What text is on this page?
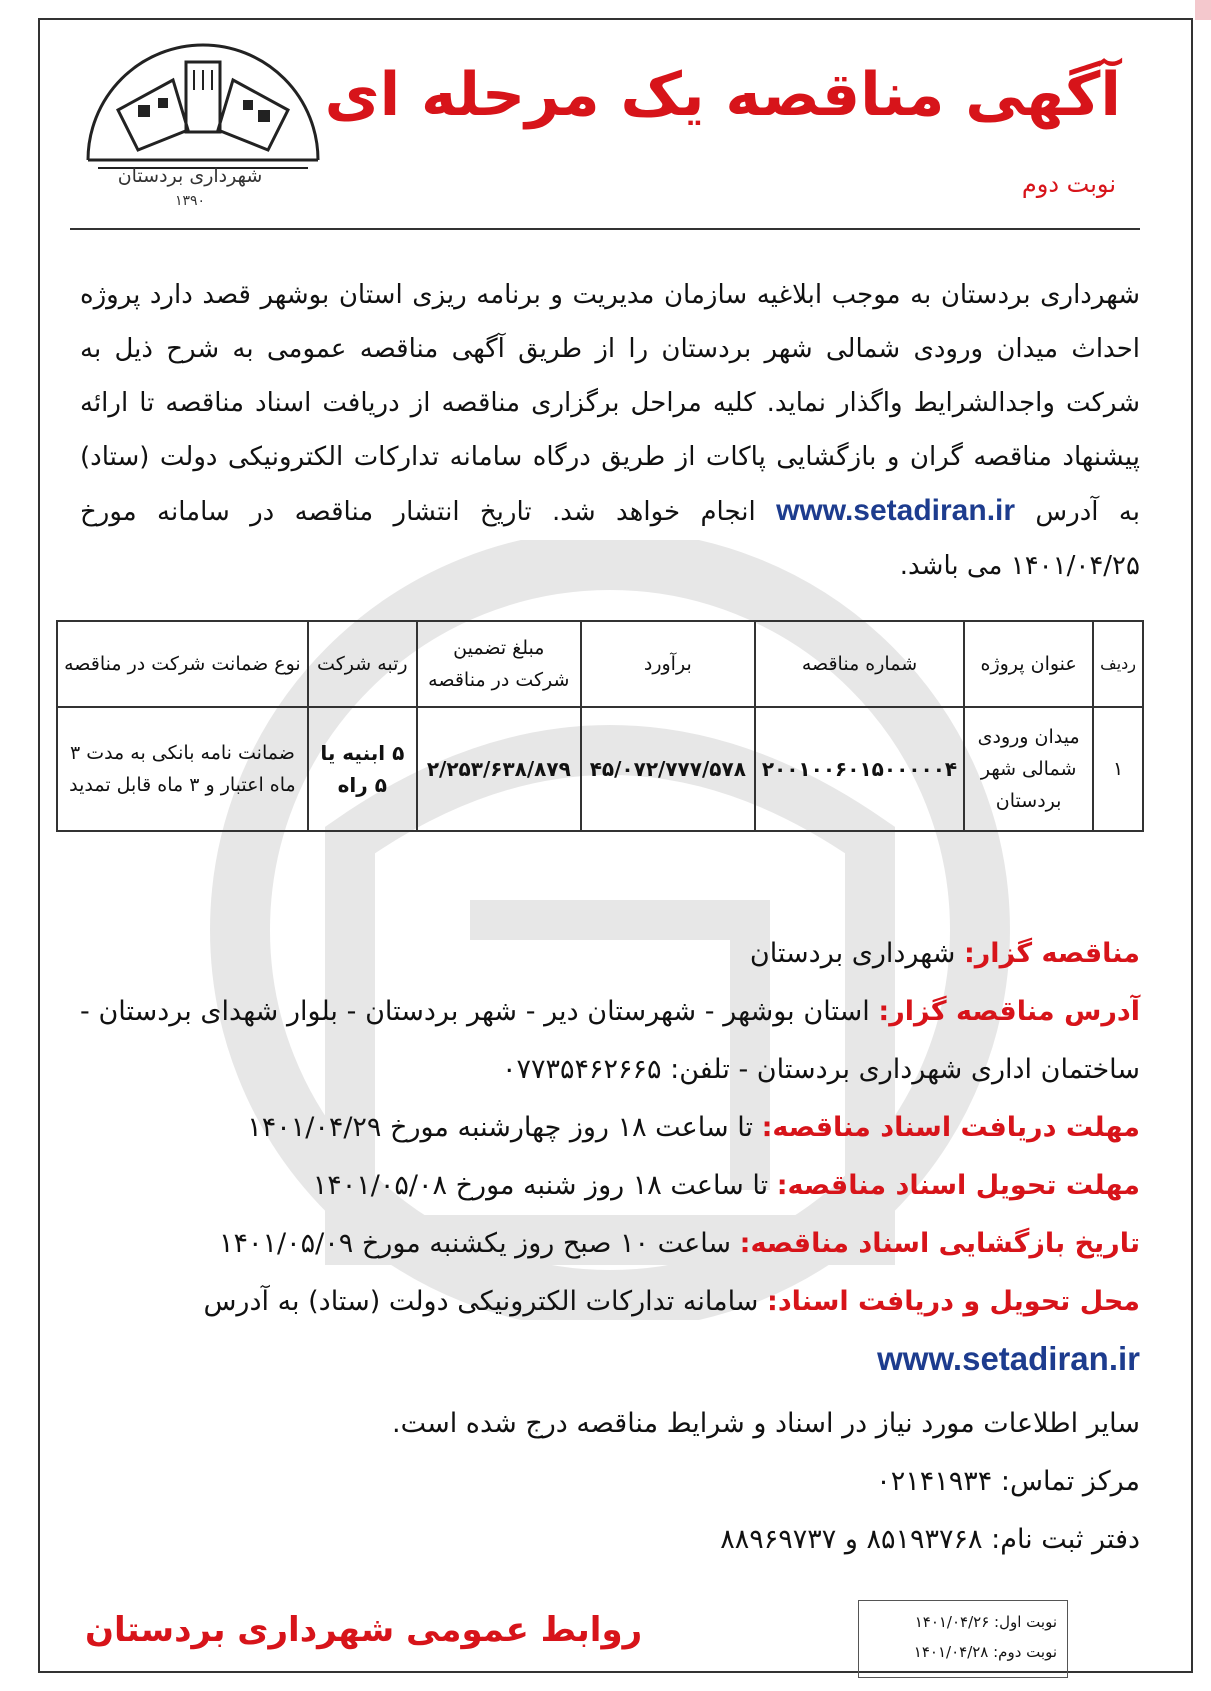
شهرداری بردستان
۱۳۹۰
آگهی مناقصه یک مرحله ای
نوبت دوم
شهرداری بردستان به موجب ابلاغیه سازمان مدیریت و برنامه ریزی استان بوشهر قصد دارد پروژه احداث میدان ورودی شمالی شهر بردستان را از طریق آگهی مناقصه عمومی به شرح ذیل به شرکت واجدالشرایط واگذار نماید. کلیه مراحل برگزاری مناقصه از دریافت اسناد مناقصه تا ارائه پیشنهاد مناقصه گران و بازگشایی پاکات از طریق درگاه سامانه تدارکات الکترونیکی دولت (ستاد) به آدرس www.setadiran.ir انجام خواهد شد. تاریخ انتشار مناقصه در سامانه مورخ ۱۴۰۱/۰۴/۲۵ می باشد.
ردیف	عنوان پروژه	شماره مناقصه	برآورد	مبلغ تضمین شرکت در مناقصه	رتبه شرکت	نوع ضمانت شرکت در مناقصه
۱	میدان ورودی شمالی شهر بردستان	۲۰۰۱۰۰۶۰۱۵۰۰۰۰۰۴	۴۵/۰۷۲/۷۷۷/۵۷۸	۲/۲۵۳/۶۳۸/۸۷۹	۵ ابنیه یا ۵ راه	ضمانت نامه بانکی به مدت ۳ ماه اعتبار و ۳ ماه قابل تمدید
مناقصه گزار: شهرداری بردستان
آدرس مناقصه گزار: استان بوشهر - شهرستان دیر - شهر بردستان - بلوار شهدای بردستان - ساختمان اداری شهرداری بردستان - تلفن: ۰۷۷۳۵۴۶۲۶۶۵
مهلت دریافت اسناد مناقصه: تا ساعت ۱۸ روز چهارشنبه مورخ ۱۴۰۱/۰۴/۲۹
مهلت تحویل اسناد مناقصه: تا ساعت ۱۸ روز شنبه مورخ ۱۴۰۱/۰۵/۰۸
تاریخ بازگشایی اسناد مناقصه: ساعت ۱۰ صبح روز یکشنبه مورخ ۱۴۰۱/۰۵/۰۹
محل تحویل و دریافت اسناد: سامانه تدارکات الکترونیکی دولت (ستاد) به آدرس
www.setadiran.ir
سایر اطلاعات مورد نیاز در اسناد و شرایط مناقصه درج شده است.
مرکز تماس: ۰۲۱۴۱۹۳۴
دفتر ثبت نام: ۸۵۱۹۳۷۶۸ و ۸۸۹۶۹۷۳۷
روابط عمومی شهرداری بردستان	نوبت اول: ۱۴۰۱/۰۴/۲۶
نوبت دوم: ۱۴۰۱/۰۴/۲۸
